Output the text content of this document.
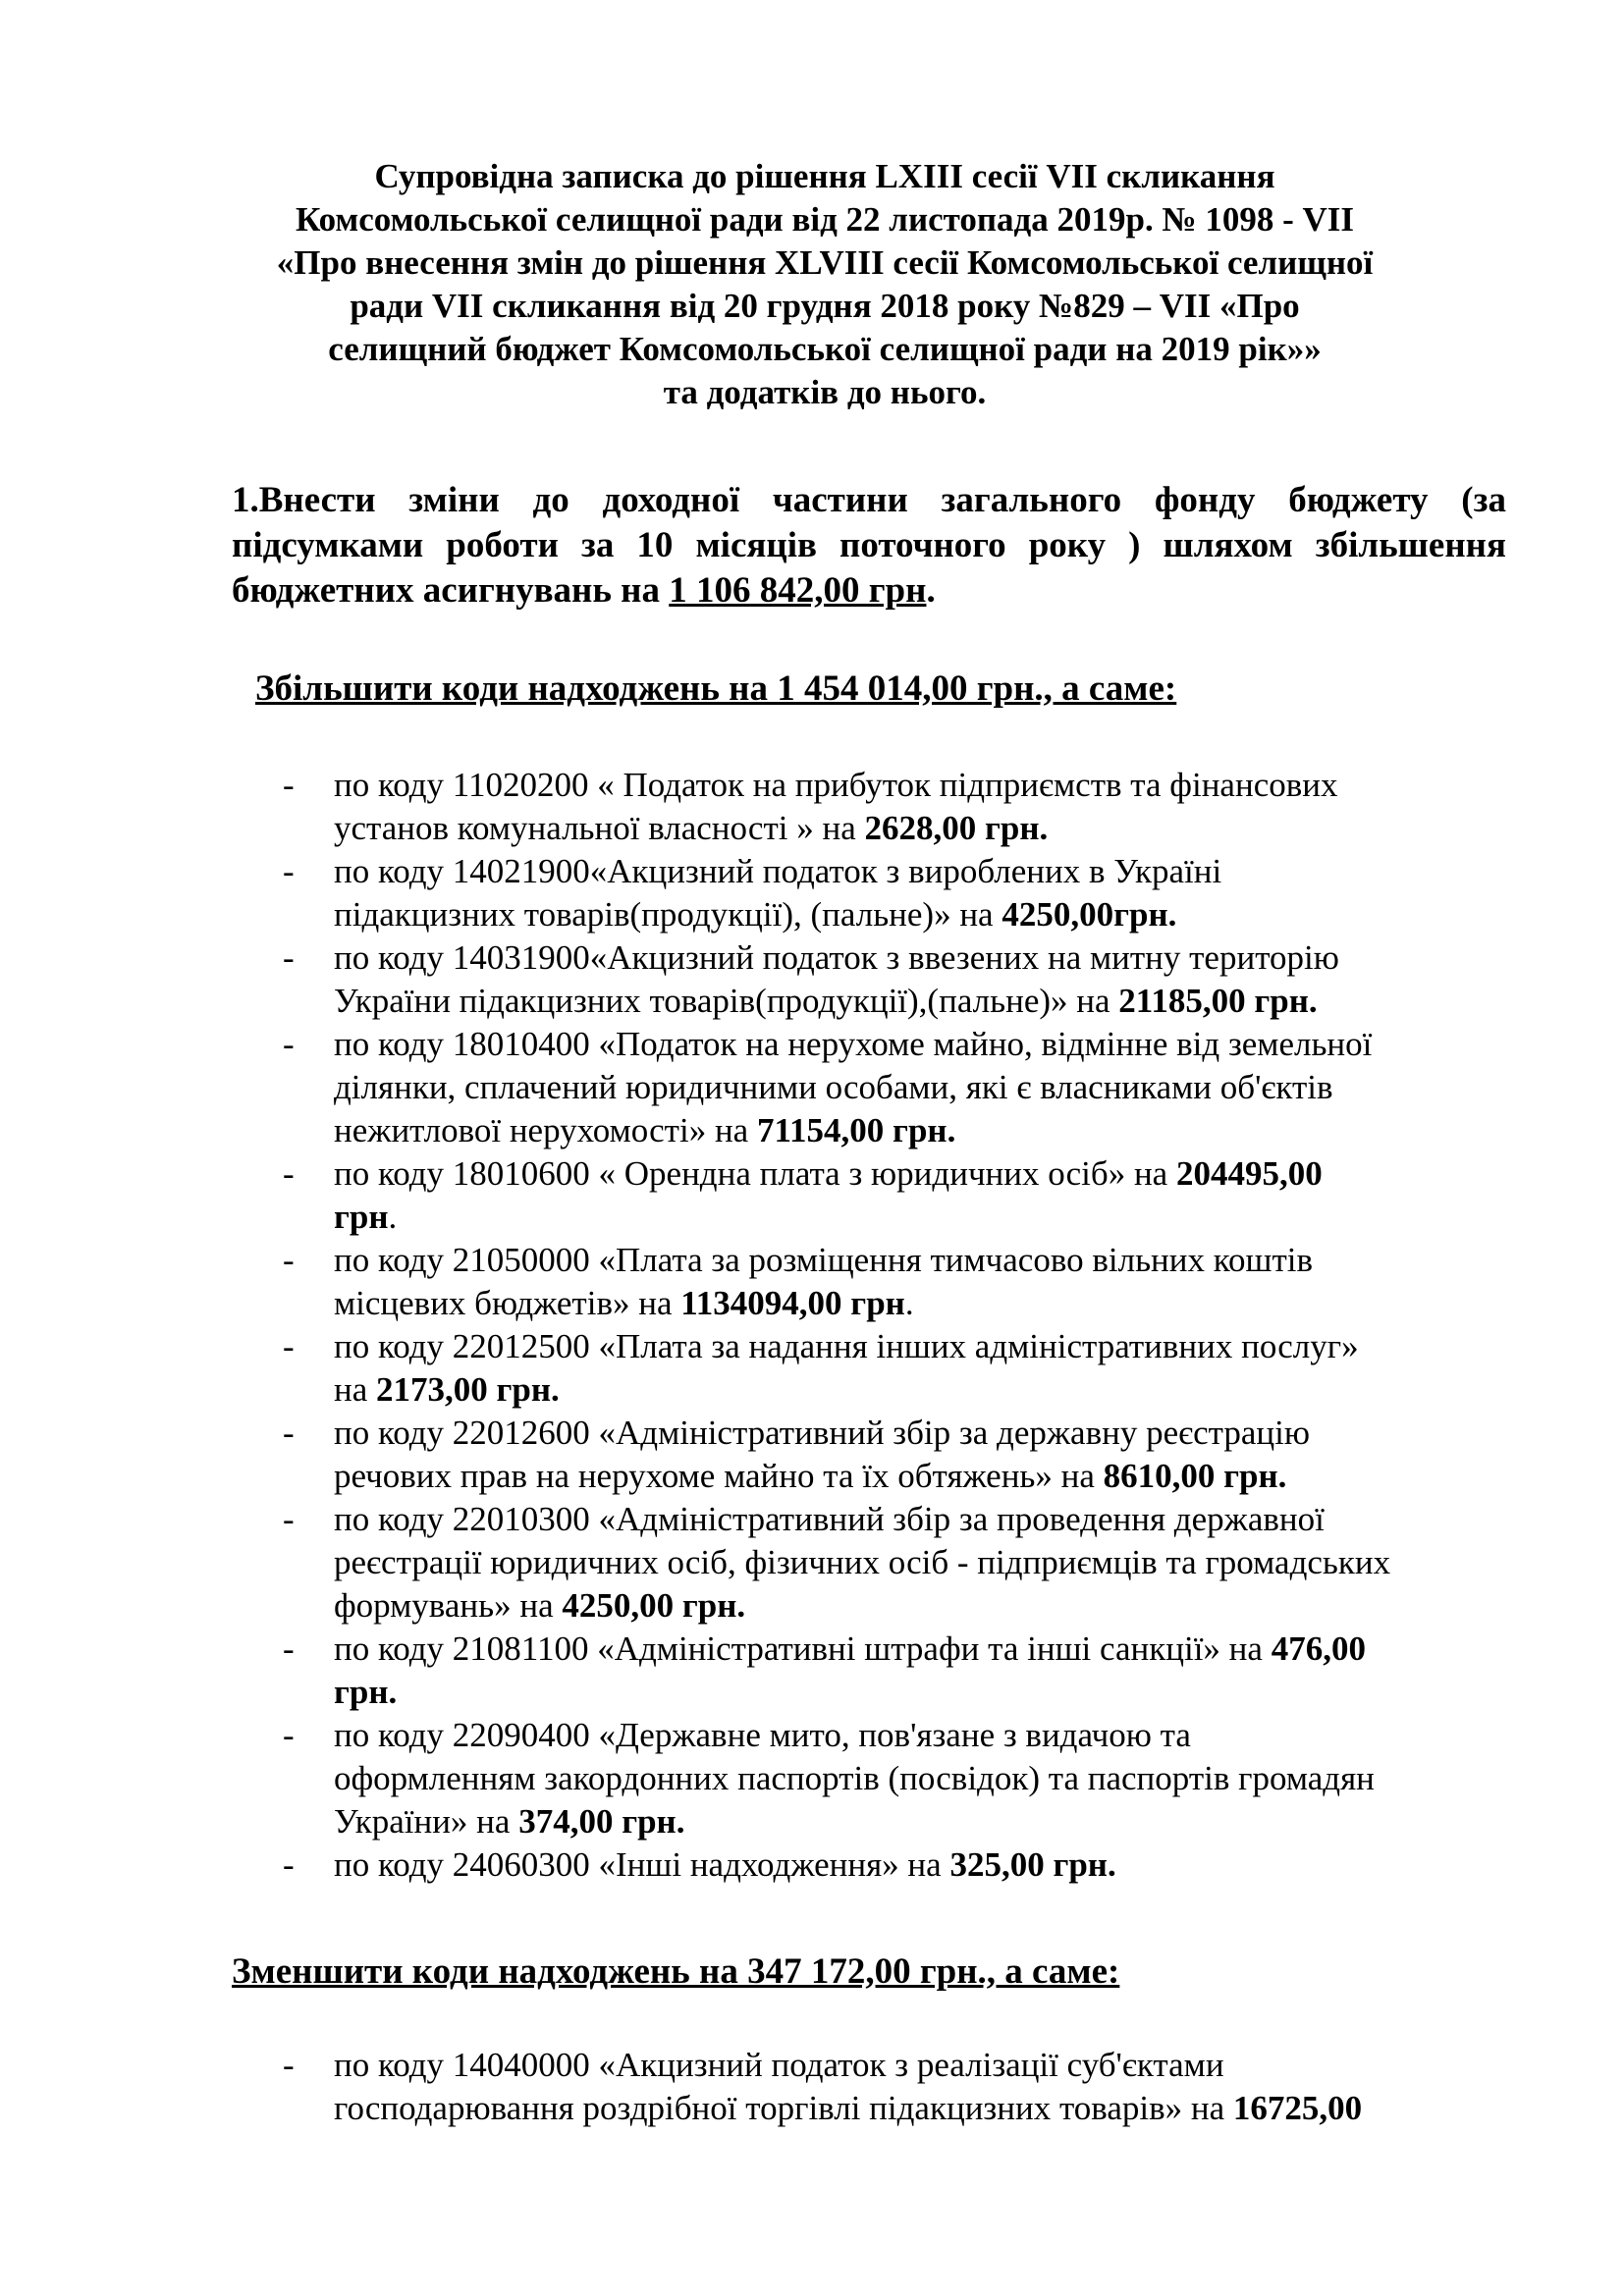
Супровідна записка до рішення LXIII сесії VII скликання
Комсомольської селищної ради від 22 листопада 2019р. № 1098 - VII
«Про внесення змін до рішення XLVIII сесії Комсомольської селищної
ради VII скликання від 20 грудня 2018 року №829 – VII «Про
селищний бюджет Комсомольської селищної ради на 2019 рік»»
та додатків до нього.
1.Внести зміни до доходної частини загального фонду бюджету (за
підсумками роботи за 10 місяців поточного року ) шляхом збільшення
бюджетних асигнувань на 1 106 842,00 грн.
Збільшити коди надходжень на 1 454 014,00 грн., а саме:
- по коду 11020200 « Податок на прибуток підприємств та фінансових
установ комунальної власності » на 2628,00 грн.
- по коду 14021900«Акцизний податок з вироблених в Україні
підакцизних товарів(продукції), (пальне)» на 4250,00грн.
- по коду 14031900«Акцизний податок з ввезених на митну територію
України підакцизних товарів(продукції),(пальне)» на 21185,00 грн.
- по коду 18010400 «Податок на нерухоме майно, відмінне від земельної
ділянки, сплачений юридичними особами, які є власниками об'єктів
нежитлової нерухомості» на 71154,00 грн.
- по коду 18010600 « Орендна плата з юридичних осіб» на 204495,00
грн.
- по коду 21050000 «Плата за розміщення тимчасово вільних коштів
місцевих бюджетів» на 1134094,00 грн.
- по коду 22012500 «Плата за надання інших адміністративних послуг»
на 2173,00 грн.
- по коду 22012600 «Адміністративний збір за державну реєстрацію
речових прав на нерухоме майно та їх обтяжень» на 8610,00 грн.
- по коду 22010300 «Адміністративний збір за проведення державної
реєстрації юридичних осіб, фізичних осіб - підприємців та громадських
формувань» на 4250,00 грн.
- по коду 21081100 «Адміністративні штрафи та інші санкції» на 476,00
грн.
- по коду 22090400 «Державне мито, пов'язане з видачою та
оформленням закордонних паспортів (посвідок) та паспортів громадян
України» на 374,00 грн.
- по коду 24060300 «Інші надходження» на 325,00 грн.
Зменшити коди надходжень на 347 172,00 грн., а саме:
- по коду 14040000 «Акцизний податок з реалізації суб'єктами
господарювання роздрібної торгівлі підакцизних товарів» на 16725,00
